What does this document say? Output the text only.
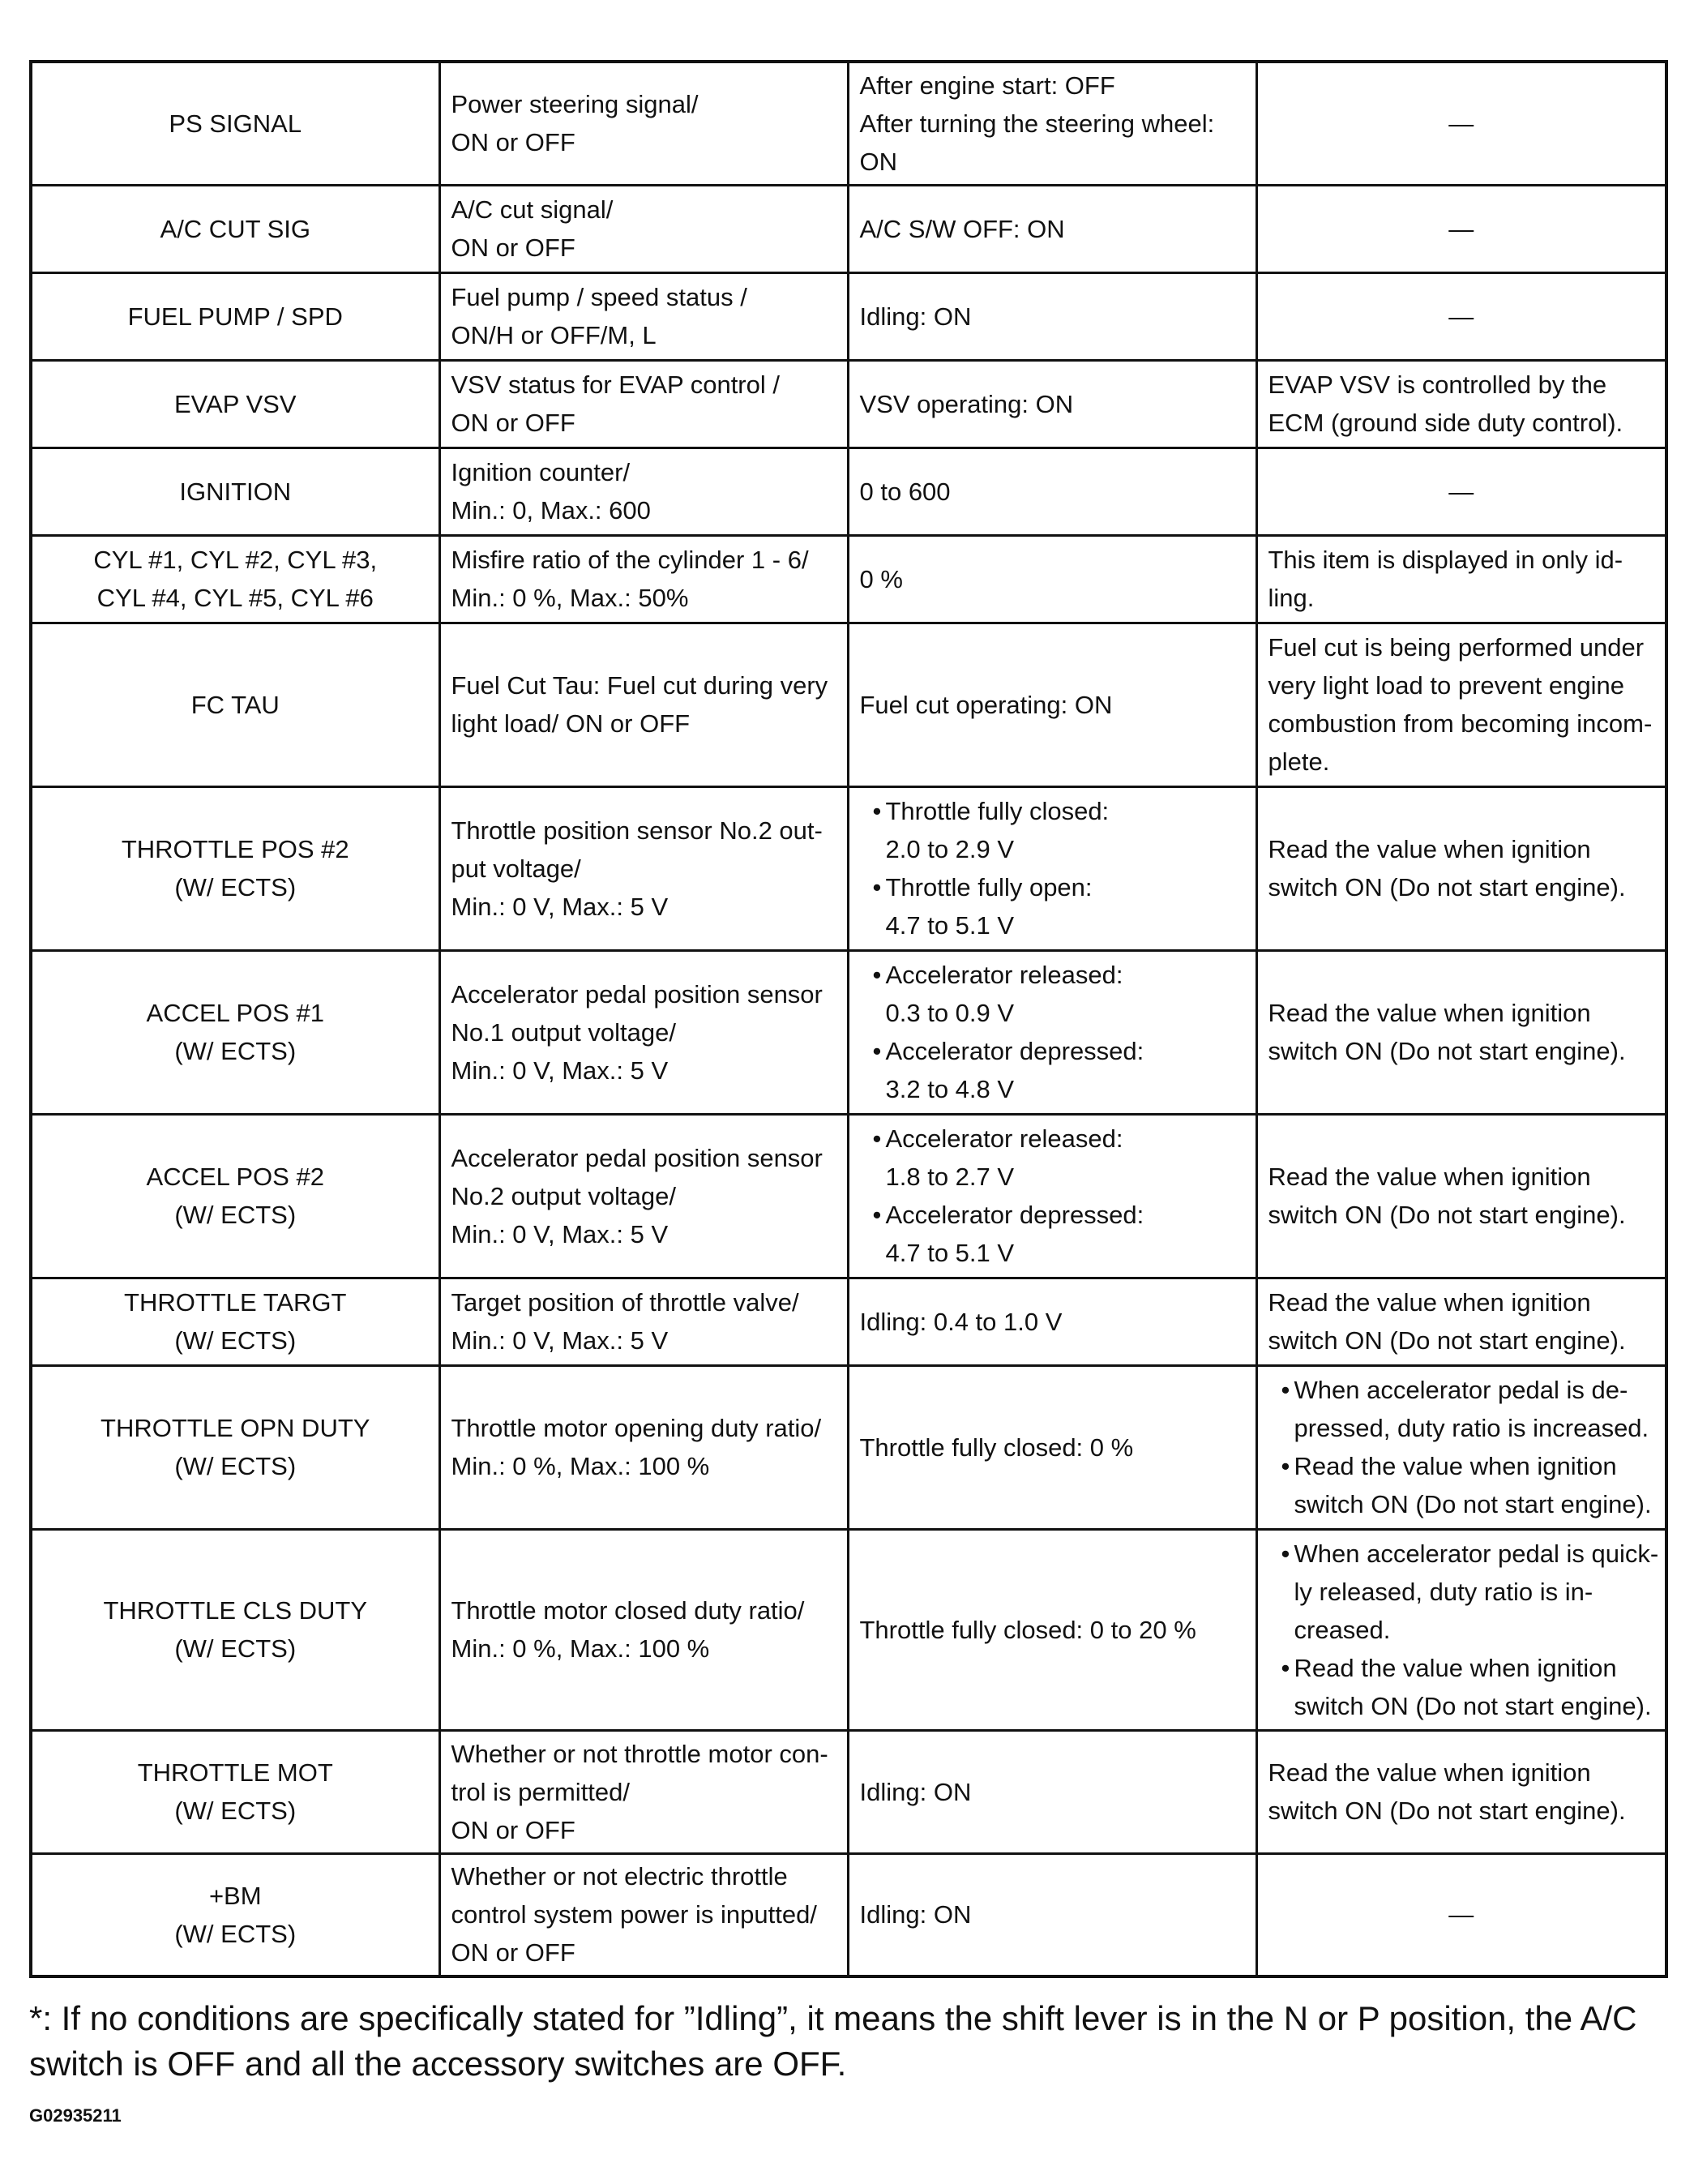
PS SIGNAL	Power steering signal/
ON or OFF	After engine start: OFF
After turning the steering wheel:
ON	—

A/C CUT SIG	A/C cut signal/
ON or OFF	A/C S/W OFF: ON	—

FUEL PUMP / SPD	Fuel pump / speed status /
ON/H or OFF/M, L	Idling: ON	—

EVAP VSV	VSV status for EVAP control /
ON or OFF	VSV operating: ON	EVAP VSV is controlled by the
ECM (ground side duty control).

IGNITION	Ignition counter/
Min.: 0, Max.: 600	0 to 600	—

CYL #1, CYL #2, CYL #3,
CYL #4, CYL #5, CYL #6	Misfire ratio of the cylinder 1 - 6/
Min.: 0 %, Max.: 50%	0 %	This item is displayed in only id-
ling.

FC TAU	Fuel Cut Tau: Fuel cut during very
light load/ ON or OFF	Fuel cut operating: ON	Fuel cut is being performed under
very light load to prevent engine
combustion from becoming incom-
plete.

THROTTLE POS #2
(W/ ECTS)	Throttle position sensor No.2 out-
put voltage/
Min.: 0 V, Max.: 5 V	• Throttle fully closed:
2.0 to 2.9 V
• Throttle fully open:
4.7 to 5.1 V	Read the value when ignition
switch ON (Do not start engine).

ACCEL POS #1
(W/ ECTS)	Accelerator pedal position sensor
No.1 output voltage/
Min.: 0 V, Max.: 5 V	• Accelerator released:
0.3 to 0.9 V
• Accelerator depressed:
3.2 to 4.8 V	Read the value when ignition
switch ON (Do not start engine).

ACCEL POS #2
(W/ ECTS)	Accelerator pedal position sensor
No.2 output voltage/
Min.: 0 V, Max.: 5 V	• Accelerator released:
1.8 to 2.7 V
• Accelerator depressed:
4.7 to 5.1 V	Read the value when ignition
switch ON (Do not start engine).

THROTTLE TARGT
(W/ ECTS)	Target position of throttle valve/
Min.: 0 V, Max.: 5 V	Idling: 0.4 to 1.0 V	Read the value when ignition
switch ON (Do not start engine).

THROTTLE OPN DUTY
(W/ ECTS)	Throttle motor opening duty ratio/
Min.: 0 %, Max.: 100 %	Throttle fully closed: 0 %	• When accelerator pedal is de-
pressed, duty ratio is increased.
• Read the value when ignition
switch ON (Do not start engine).

THROTTLE CLS DUTY
(W/ ECTS)	Throttle motor closed duty ratio/
Min.: 0 %, Max.: 100 %	Throttle fully closed: 0 to 20 %	• When accelerator pedal is quick-
ly released, duty ratio is in-
creased.
• Read the value when ignition
switch ON (Do not start engine).

THROTTLE MOT
(W/ ECTS)	Whether or not throttle motor con-
trol is permitted/
ON or OFF	Idling: ON	Read the value when ignition
switch ON (Do not start engine).

+BM
(W/ ECTS)	Whether or not electric throttle
control system power is inputted/
ON or OFF	Idling: ON	—
*: If no conditions are specifically stated for ”Idling”, it means the shift lever is in the N or P position, the A/C
switch is OFF and all the accessory switches are OFF.
G02935211
